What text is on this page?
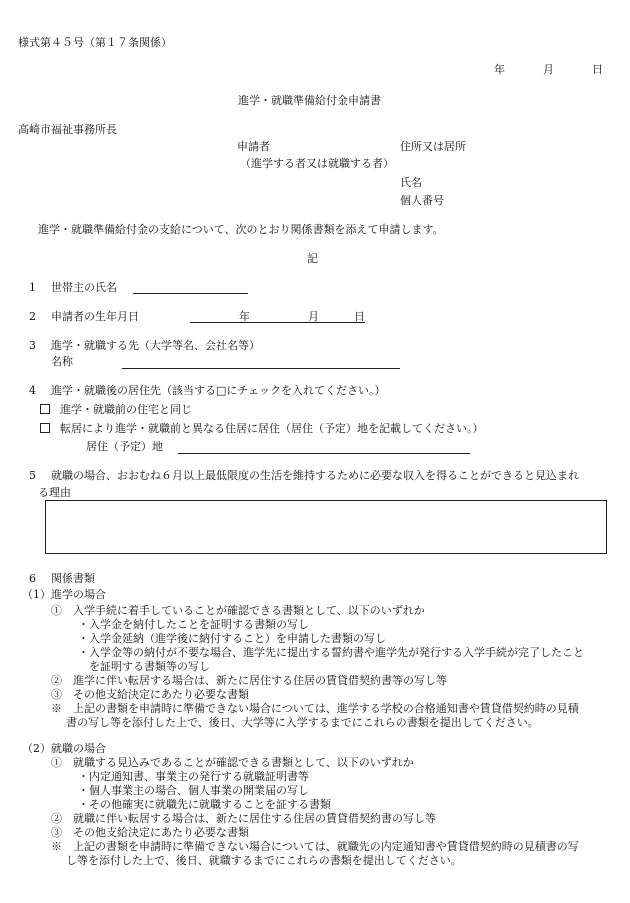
様式第４５号（第１７条関係）
年	月	日
進学・就職準備給付金申請書
高崎市福祉事務所長
申請者	住所又は居所
（進学する者又は就職する者）
氏名
個人番号
進学・就職準備給付金の支給について、次のとおり関係書類を添えて申請します。
記
1 世帯主の氏名
2 申請者の生年月日	年	月	日
3 進学・就職する先（大学等名、会社名等）
名称
4 進学・就職後の居住先（該当する□にチェックを入れてください。）
進学・就職前の住宅と同じ
転居により進学・就職前と異なる住居に居住（居住（予定）地を記載してください。）
居住（予定）地
5 就職の場合、おおむね６月以上最低限度の生活を維持するために必要な収入を得ることができると見込まれ
る理由
6 関係書類
（1）進学の場合
①　入学手続に着手していることが確認できる書類として、以下のいずれか
・入学金を納付したことを証明する書類の写し
・入学金延納（進学後に納付すること）を申請した書類の写し
・入学金等の納付が不要な場合、進学先に提出する誓約書や進学先が発行する入学手続が完了したこと
を証明する書類等の写し
②　進学に伴い転居する場合は、新たに居住する住居の賃貸借契約書等の写し等
③　その他支給決定にあたり必要な書類
※　上記の書類を申請時に準備できない場合については、進学する学校の合格通知書や賃貸借契約時の見積
書の写し等を添付した上で、後日、大学等に入学するまでにこれらの書類を提出してください。
（2）就職の場合
①　就職する見込みであることが確認できる書類として、以下のいずれか
・内定通知書、事業主の発行する就職証明書等
・個人事業主の場合、個人事業の開業届の写し
・その他確実に就職先に就職することを証する書類
②　就職に伴い転居する場合は、新たに居住する住居の賃貸借契約書の写し等
③　その他支給決定にあたり必要な書類
※　上記の書類を申請時に準備できない場合については、就職先の内定通知書や賃貸借契約時の見積書の写
し等を添付した上で、後日、就職するまでにこれらの書類を提出してください。
